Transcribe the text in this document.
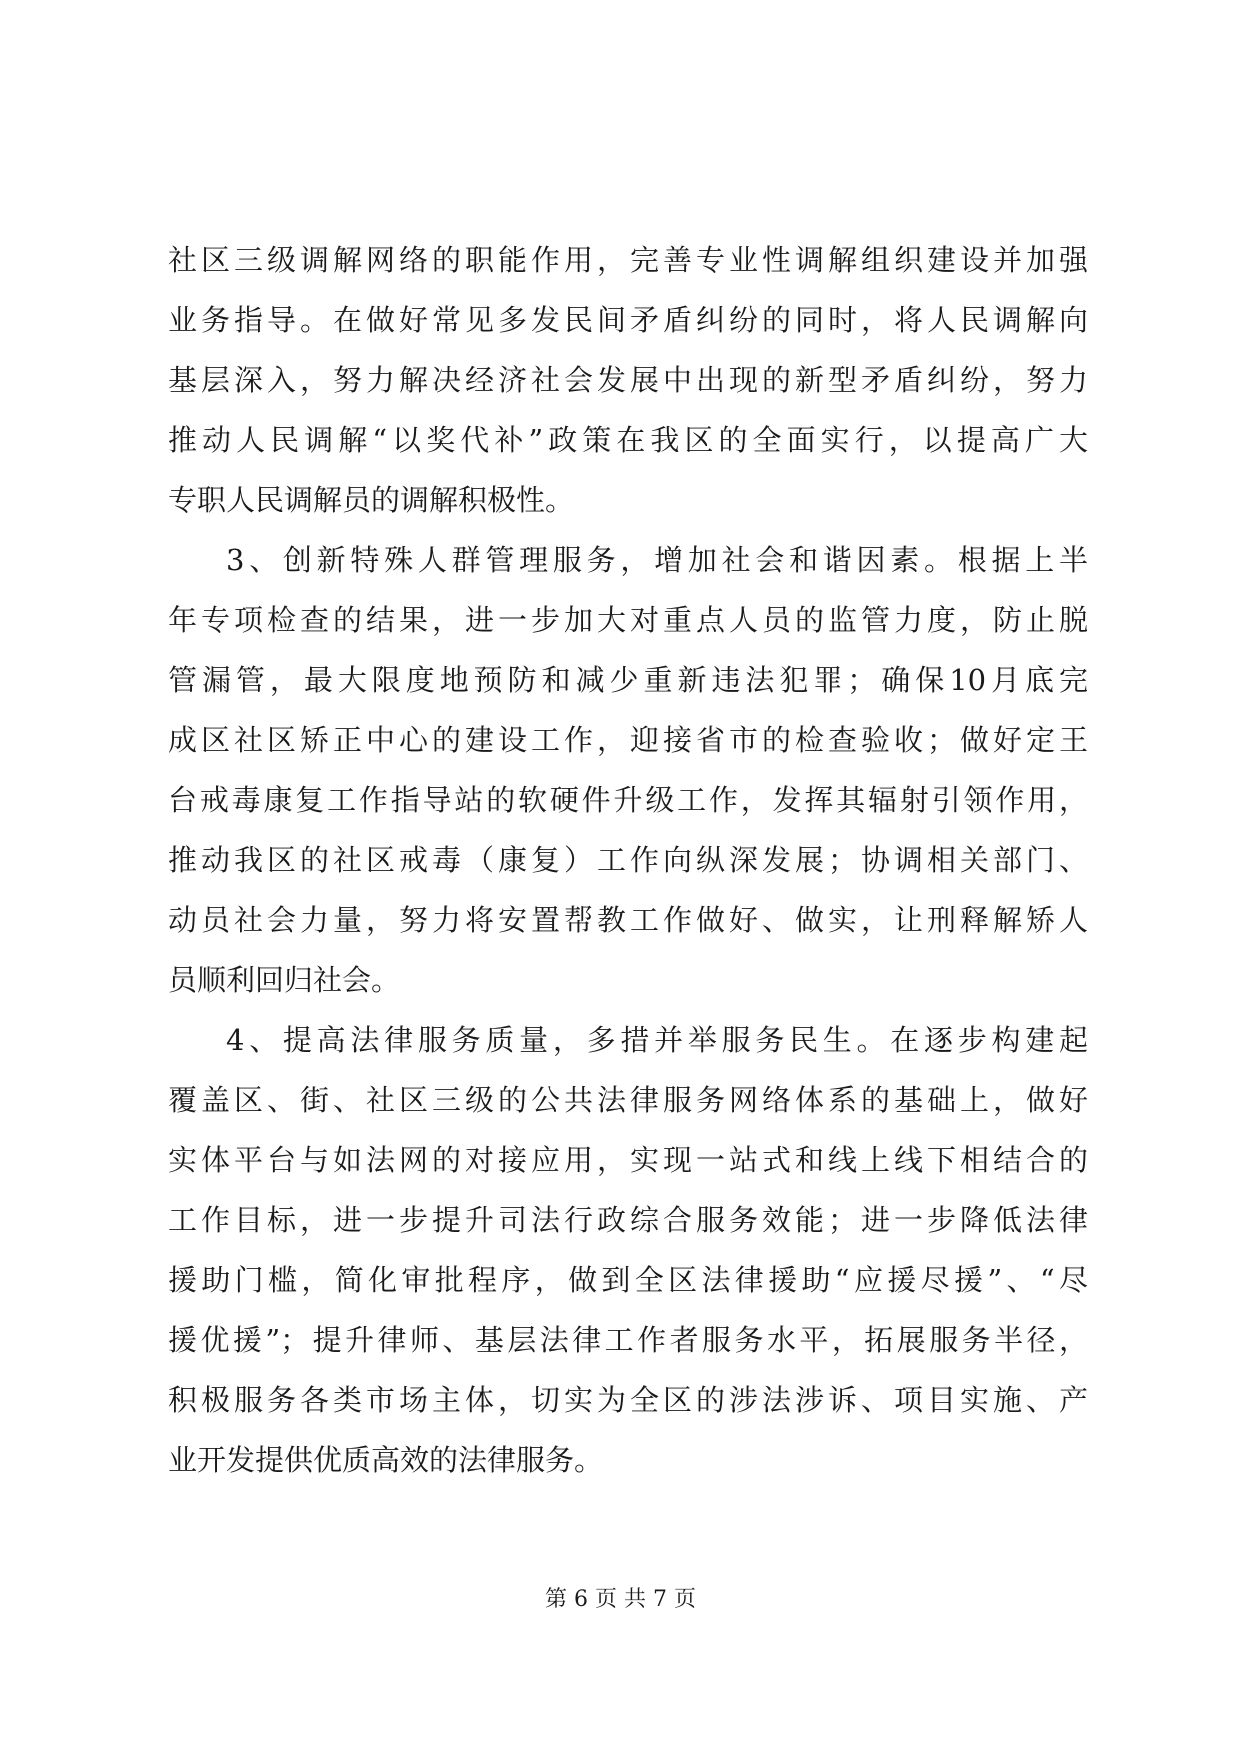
社区三级调解网络的职能作用，完善专业性调解组织建设并加强
业务指导。在做好常见多发民间矛盾纠纷的同时，将人民调解向
基层深入，努力解决经济社会发展中出现的新型矛盾纠纷，努力
推动人民调解“以奖代补”政策在我区的全面实行，以提高广大
专职人民调解员的调解积极性。
3、创新特殊人群管理服务，增加社会和谐因素。根据上半
年专项检查的结果，进一步加大对重点人员的监管力度，防止脱
管漏管，最大限度地预防和减少重新违法犯罪；确保10月底完
成区社区矫正中心的建设工作，迎接省市的检查验收；做好定王
台戒毒康复工作指导站的软硬件升级工作，发挥其辐射引领作用，
推动我区的社区戒毒（康复）工作向纵深发展；协调相关部门、
动员社会力量，努力将安置帮教工作做好、做实，让刑释解矫人
员顺利回归社会。
4、提高法律服务质量，多措并举服务民生。在逐步构建起
覆盖区、街、社区三级的公共法律服务网络体系的基础上，做好
实体平台与如法网的对接应用，实现一站式和线上线下相结合的
工作目标，进一步提升司法行政综合服务效能；进一步降低法律
援助门槛，简化审批程序，做到全区法律援助“应援尽援”、“尽
援优援”；提升律师、基层法律工作者服务水平，拓展服务半径，
积极服务各类市场主体，切实为全区的涉法涉诉、项目实施、产
业开发提供优质高效的法律服务。
第 6 页 共 7 页
